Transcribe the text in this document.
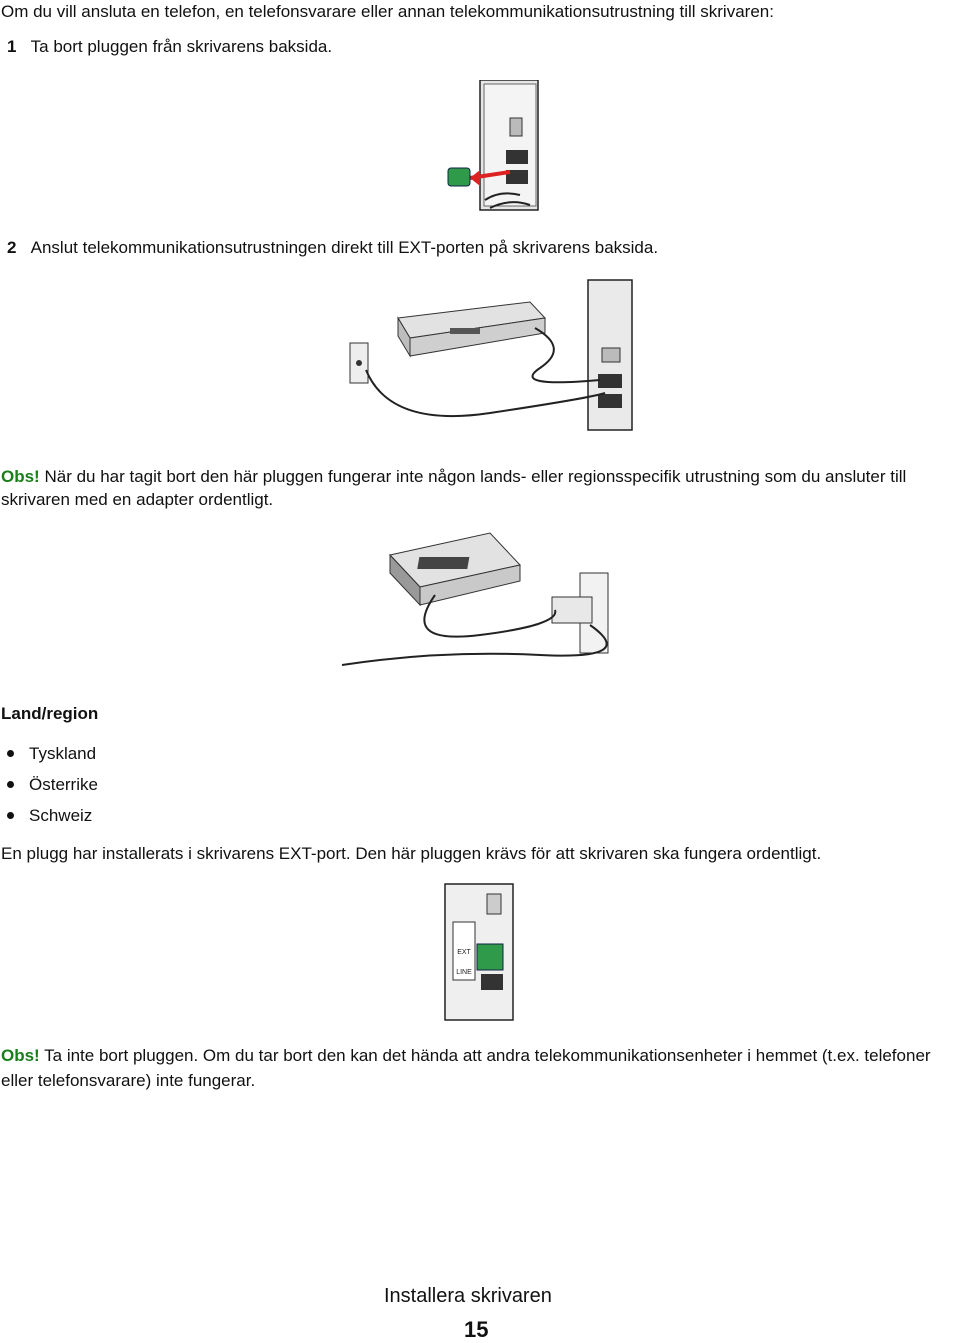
Om du vill ansluta en telefon, en telefonsvarare eller annan telekommunikationsutrustning till skrivaren:
1 Ta bort pluggen från skrivarens baksida.
2 Anslut telekommunikationsutrustningen direkt till EXT-porten på skrivarens baksida.
Obs! När du har tagit bort den här pluggen fungerar inte någon lands- eller regionsspecifik utrustning som du ansluter till skrivaren med en adapter ordentligt.
Land/region
Tyskland
Österrike
Schweiz
En plugg har installerats i skrivarens EXT-port. Den här pluggen krävs för att skrivaren ska fungera ordentligt.
EXT
LINE
Obs! Ta inte bort pluggen. Om du tar bort den kan det hända att andra telekommunikationsenheter i hemmet (t.ex. telefoner eller telefonsvarare) inte fungerar.
Installera skrivaren
15
